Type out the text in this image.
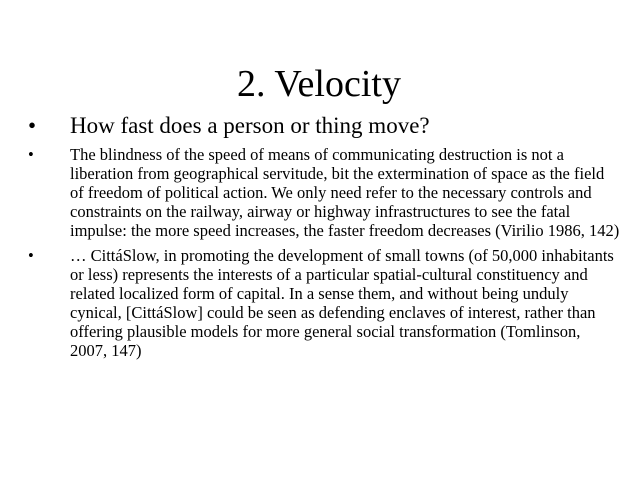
2. Velocity
• How fast does a person or thing move?
• The blindness of the speed of means of communicating destruction is not a liberation from geographical servitude, bit the extermination of space as the field of freedom of political action. We only need refer to the necessary controls and constraints on the railway, airway or highway infrastructures to see the fatal impulse: the more speed increases, the faster freedom decreases (Virilio 1986, 142)
• … CittáSlow, in promoting the development of small towns (of 50,000 inhabitants or less) represents the interests of a particular spatial-cultural constituency and related localized form of capital. In a sense them, and without being unduly cynical, [CittáSlow] could be seen as defending enclaves of interest, rather than offering plausible models for more general social transformation (Tomlinson, 2007, 147)
